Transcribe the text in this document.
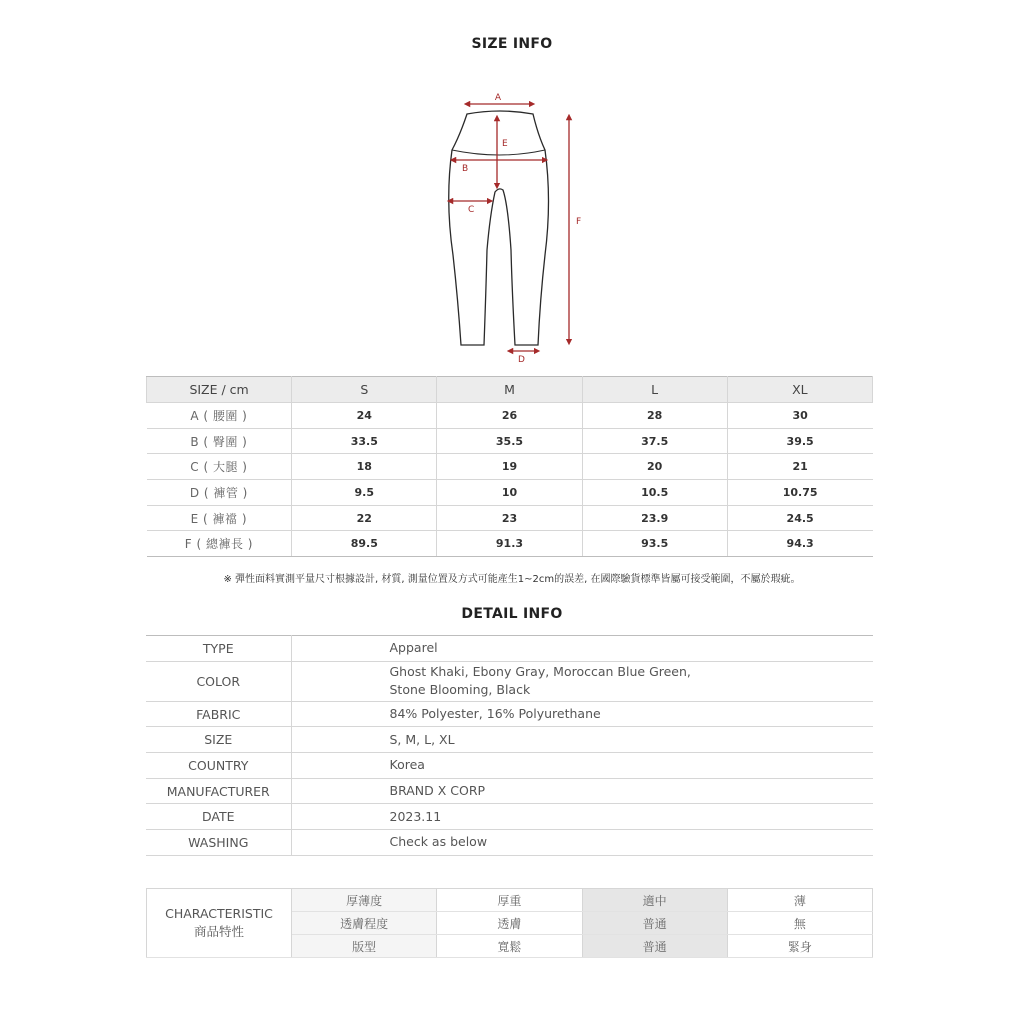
SIZE INFO
A
E
B
C
D
F
SIZE / cm	S	M	L	XL
A ( 腰圍 )	24	26	28	30
B ( 臀圍 )	33.5	35.5	37.5	39.5
C ( 大腿 )	18	19	20	21
D ( 褲管 )	9.5	10	10.5	10.75
E ( 褲襠 )	22	23	23.9	24.5
F ( 總褲長 )	89.5	91.3	93.5	94.3
※ 彈性面料實測平量尺寸根據設計, 材質, 測量位置及方式可能產生1~2cm的誤差, 在國際驗貨標準皆屬可接受範圍，不屬於瑕疵。
DETAIL INFO
TYPE	Apparel
COLOR	Ghost Khaki, Ebony Gray, Moroccan Blue Green,
Stone Blooming, Black

FABRIC	84% Polyester, 16% Polyurethane
SIZE	S, M, L, XL
COUNTRY	Korea
MANUFACTURER	BRAND X CORP
DATE	2023.11
WASHING	Check as below
CHARACTERISTIC
商品特性	厚薄度	厚重	適中	薄
	透膚程度	透膚	普通	無
	版型	寬鬆	普通	緊身
